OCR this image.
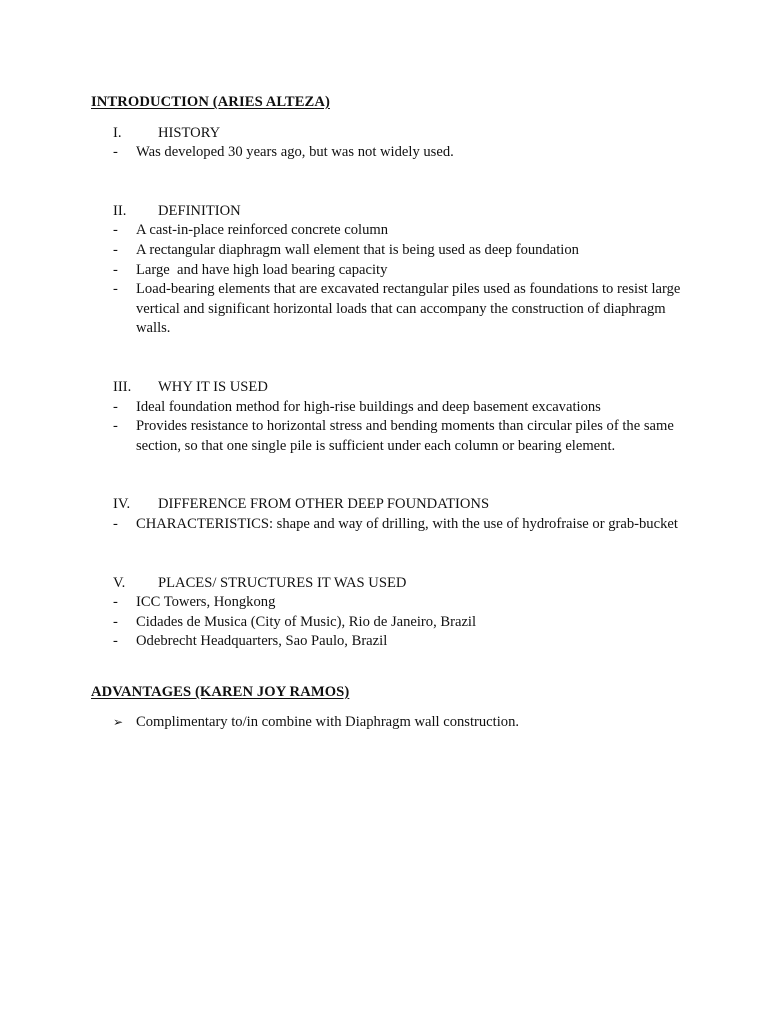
INTRODUCTION (ARIES ALTEZA)
I.	HISTORY
-	Was developed 30 years ago, but was not widely used.
II.	DEFINITION
-	A cast-in-place reinforced concrete column
-	A rectangular diaphragm wall element that is being used as deep foundation
-	Large  and have high load bearing capacity
-	Load-bearing elements that are excavated rectangular piles used as foundations to resist large vertical and significant horizontal loads that can accompany the construction of diaphragm walls.
III.	WHY IT IS USED
-	Ideal foundation method for high-rise buildings and deep basement excavations
-	Provides resistance to horizontal stress and bending moments than circular piles of the same section, so that one single pile is sufficient under each column or bearing element.
IV.	DIFFERENCE FROM OTHER DEEP FOUNDATIONS
-	CHARACTERISTICS: shape and way of drilling, with the use of hydrofraise or grab-bucket
V.	PLACES/ STRUCTURES IT WAS USED
-	ICC Towers, Hongkong
-	Cidades de Musica (City of Music), Rio de Janeiro, Brazil
-	Odebrecht Headquarters, Sao Paulo, Brazil
ADVANTAGES (KAREN JOY RAMOS)
➢ Complimentary to/in combine with Diaphragm wall construction.
